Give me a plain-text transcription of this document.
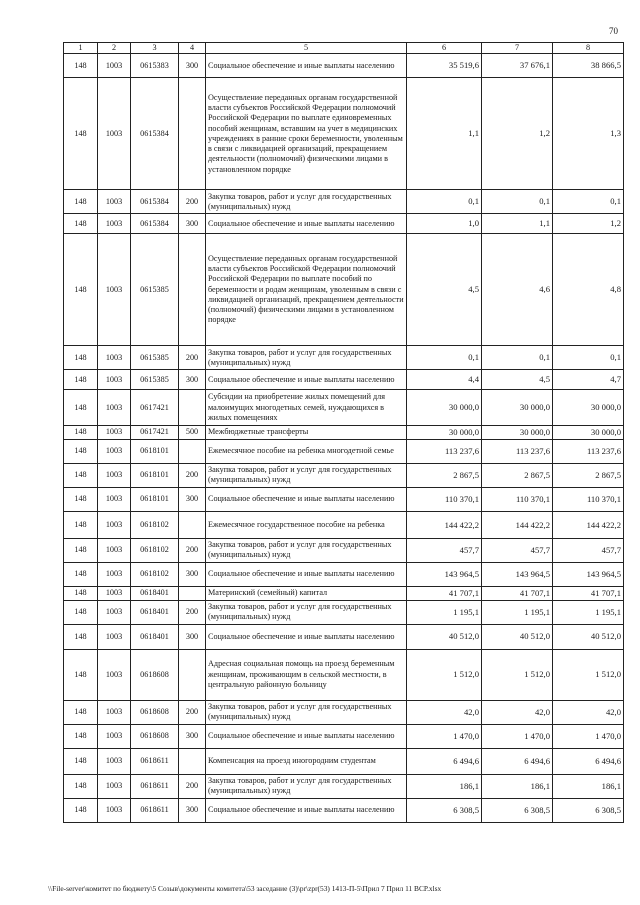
70
1	2	3	4	5	6	7	8
148	1003	0615383	300	Социальное обеспечение и иные выплаты населению	35 519,6	37 676,1	38 866,5
148	1003	0615384		Осуществление переданных органам государственной власти субъектов Российской Федерации полномочий Российской Федерации по выплате единовременных пособий женщинам, вставшим на учет в медицинских учреждениях в ранние сроки беременности, уволенным в связи с ликвидацией организаций, прекращением деятельности (полномочий) физическими лицами в установленном порядке	1,1	1,2	1,3
148	1003	0615384	200	Закупка товаров, работ и услуг для государственных (муниципальных) нужд	0,1	0,1	0,1
148	1003	0615384	300	Социальное обеспечение и иные выплаты населению	1,0	1,1	1,2
148	1003	0615385		Осуществление переданных органам государственной власти субъектов Российской Федерации полномочий Российской Федерации по выплате пособий по беременности и родам женщинам, уволенным в связи с ликвидацией организаций, прекращением деятельности (полномочий) физическими лицами в установленном порядке	4,5	4,6	4,8
148	1003	0615385	200	Закупка товаров, работ и услуг для государственных (муниципальных) нужд	0,1	0,1	0,1
148	1003	0615385	300	Социальное обеспечение и иные выплаты населению	4,4	4,5	4,7
148	1003	0617421		Субсидии на приобретение жилых помещений для малоимущих многодетных семей, нуждающихся в жилых помещениях	30 000,0	30 000,0	30 000,0
148	1003	0617421	500	Межбюджетные трансферты	30 000,0	30 000,0	30 000,0
148	1003	0618101		Ежемесячное пособие на ребенка многодетной семье	113 237,6	113 237,6	113 237,6
148	1003	0618101	200	Закупка товаров, работ и услуг для государственных (муниципальных) нужд	2 867,5	2 867,5	2 867,5
148	1003	0618101	300	Социальное обеспечение и иные выплаты населению	110 370,1	110 370,1	110 370,1
148	1003	0618102		Ежемесячное государственное пособие на ребенка	144 422,2	144 422,2	144 422,2
148	1003	0618102	200	Закупка товаров, работ и услуг для государственных (муниципальных) нужд	457,7	457,7	457,7
148	1003	0618102	300	Социальное обеспечение и иные выплаты населению	143 964,5	143 964,5	143 964,5
148	1003	0618401		Материнский (семейный) капитал	41 707,1	41 707,1	41 707,1
148	1003	0618401	200	Закупка товаров, работ и услуг для государственных (муниципальных) нужд	1 195,1	1 195,1	1 195,1
148	1003	0618401	300	Социальное обеспечение и иные выплаты населению	40 512,0	40 512,0	40 512,0
148	1003	0618608		Адресная социальная помощь на проезд беременным женщинам, проживающим в сельской местности, в центральную районную больницу	1 512,0	1 512,0	1 512,0
148	1003	0618608	200	Закупка товаров, работ и услуг для государственных (муниципальных) нужд	42,0	42,0	42,0
148	1003	0618608	300	Социальное обеспечение и иные выплаты населению	1 470,0	1 470,0	1 470,0
148	1003	0618611		Компенсация на проезд иногородним студентам	6 494,6	6 494,6	6 494,6
148	1003	0618611	200	Закупка товаров, работ и услуг для государственных (муниципальных) нужд	186,1	186,1	186,1
148	1003	0618611	300	Социальное обеспечение и иные выплаты населению	6 308,5	6 308,5	6 308,5
\\File-server\комитет по бюджету\5 Созыв\документы комитета\53 заседание (3)\pr\zpr(53) 1413-П-5\Прил 7 Прил 11 ВСР.xlsx
